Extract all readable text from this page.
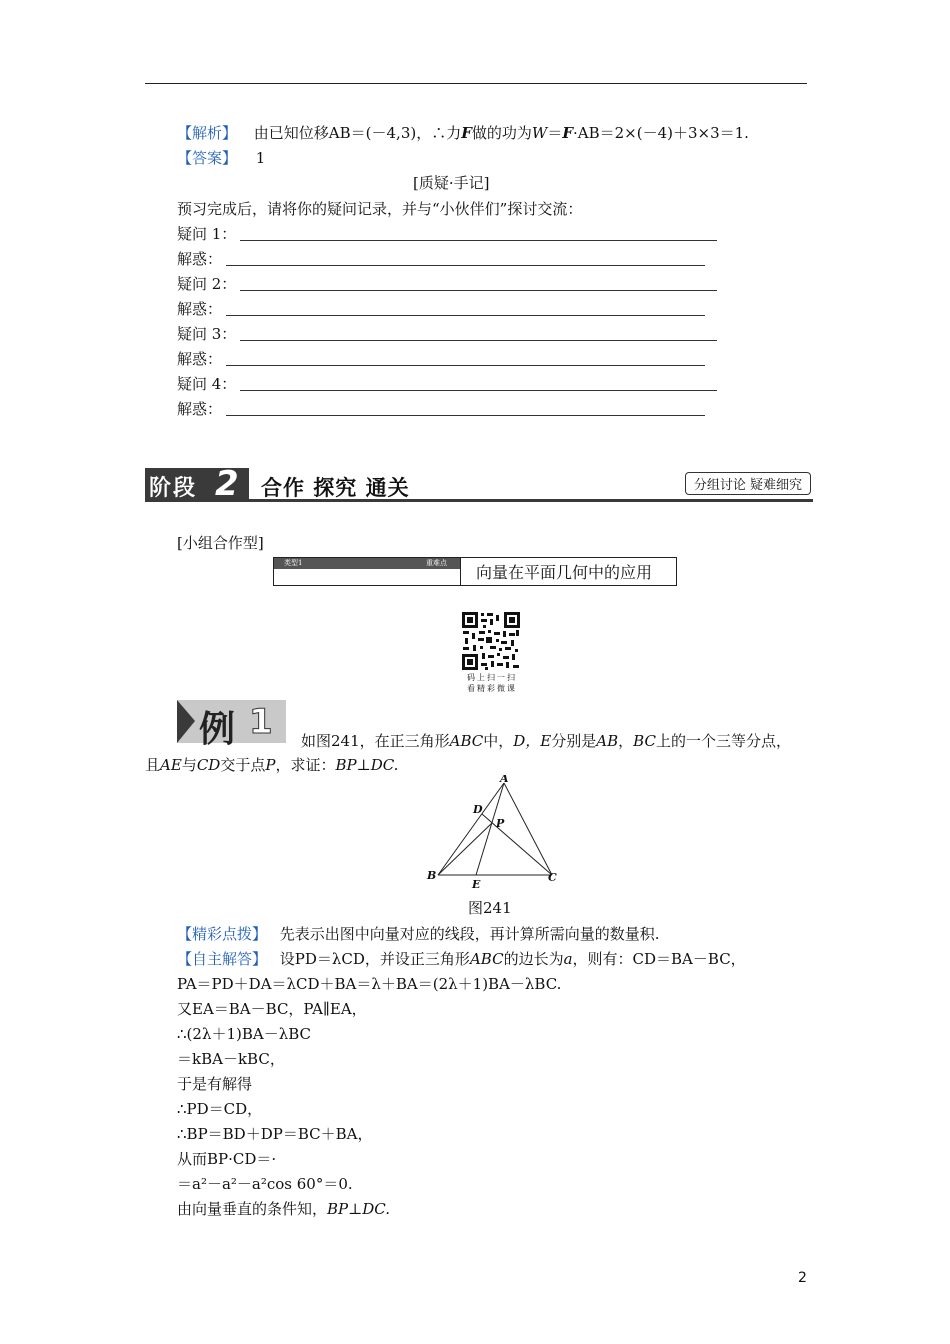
【解析】 由已知位移AB＝(－4,3)，∴力F做的功为W＝F·AB＝2×(－4)＋3×3＝1.
【答案】 1
[质疑·手记]
预习完成后，请将你的疑问记录，并与“小伙伴们”探讨交流：
疑问 1：
解惑：
疑问 2：
解惑：
疑问 3：
解惑：
疑问 4：
解惑：
阶段 2 合作 探究 通关	分组讨论 疑难细究
[小组合作型]
类型1	重难点 向量在平面几何中的应用
码上扫一扫
看精彩微课
例 1 如图241，在正三角形ABC中，D，E分别是AB，BC上的一个三等分点，
且AE与CD交于点P，求证：BP⊥DC.
A
B	C
D
E
P
图241
【精彩点拨】 先表示出图中向量对应的线段，再计算所需向量的数量积.
【自主解答】 设PD＝λCD，并设正三角形ABC的边长为a，则有：CD＝BA－BC，
PA＝PD＋DA＝λCD＋BA＝λ＋BA＝(2λ＋1)BA－λBC.
又EA＝BA－BC，PA∥EA，
∴(2λ＋1)BA－λBC
＝kBA－kBC，
于是有解得
∴PD＝CD，
∴BP＝BD＋DP＝BC＋BA，
从而BP·CD＝·
＝a²－a²－a²cos 60°＝0.
由向量垂直的条件知，BP⊥DC.
2
